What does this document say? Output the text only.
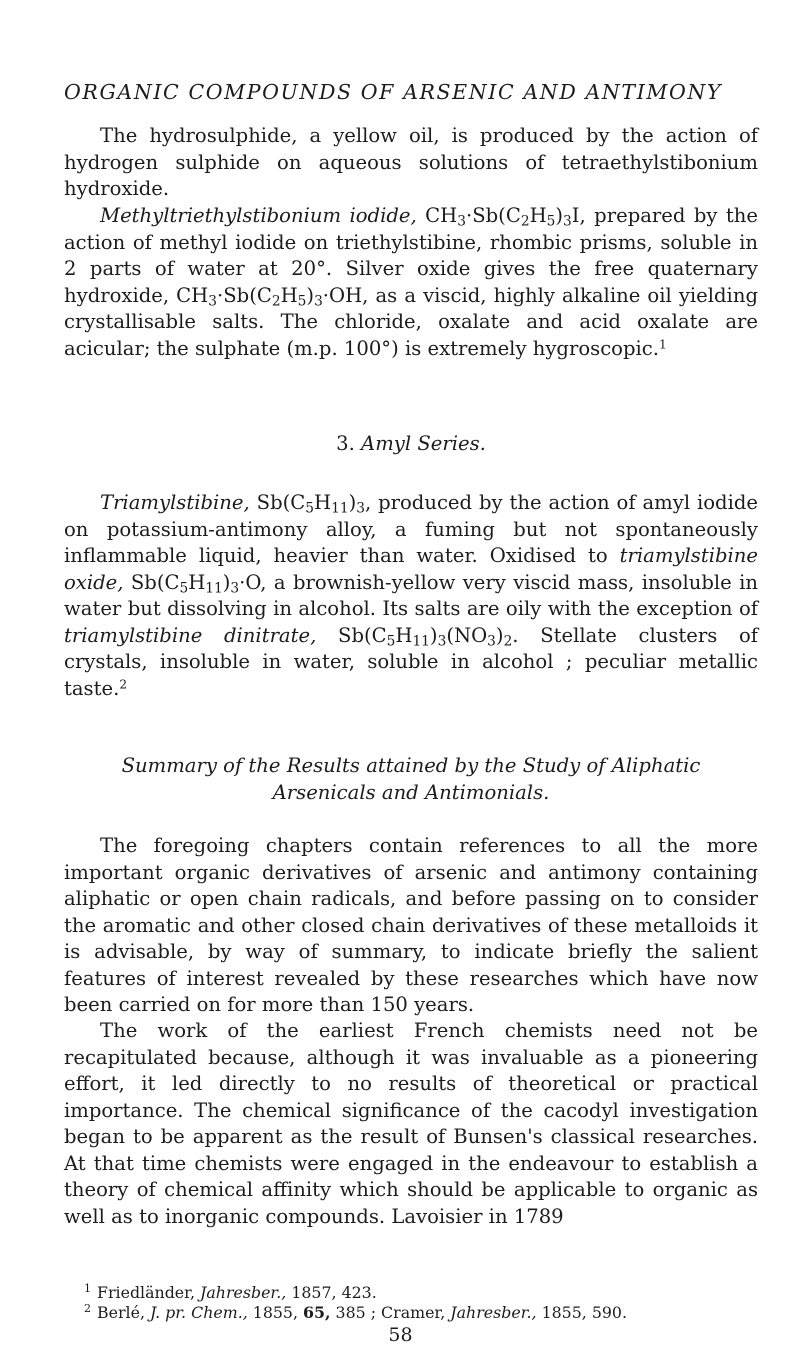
ORGANIC COMPOUNDS OF ARSENIC AND ANTIMONY

The hydrosulphide, a yellow oil, is produced by the action of hydrogen sulphide on aqueous solutions of tetraethylstibonium hydroxide.

Methyltriethylstibonium iodide, $CH_3\cdot Sb(C_2H_5)_3I$, prepared by the action of methyl iodide on triethylstibine, rhombic prisms, soluble in 2 parts of water at 20°. Silver oxide gives the free quaternary hydroxide, $CH_3\cdot Sb(C_2H_5)_3\cdot OH$, as a viscid, highly alkaline oil yielding crystallisable salts. The chloride, oxalate and acid oxalate are acicular; the sulphate (m.p. 100°) is extremely hygroscopic.$^1$

3. Amyl Series.

Triamylstibine, $Sb(C_5H_{11})_3$, produced by the action of amyl iodide on potassium-antimony alloy, a fuming but not spontaneously inflammable liquid, heavier than water. Oxidised to triamylstibine oxide, $Sb(C_5H_{11})_3\cdot O$, a brownish-yellow very viscid mass, insoluble in water but dissolving in alcohol. Its salts are oily with the exception of triamylstibine dinitrate, $Sb(C_5H_{11})_3(NO_3)_2$. Stellate clusters of crystals, insoluble in water, soluble in alcohol ; peculiar metallic taste.$^2$

Summary of the Results attained by the Study of Aliphatic
Arsenicals and Antimonials.

The foregoing chapters contain references to all the more important organic derivatives of arsenic and antimony containing aliphatic or open chain radicals, and before passing on to consider the aromatic and other closed chain derivatives of these metalloids it is advisable, by way of summary, to indicate briefly the salient features of interest revealed by these researches which have now been carried on for more than 150 years.

The work of the earliest French chemists need not be recapitulated because, although it was invaluable as a pioneering effort, it led directly to no results of theoretical or practical importance. The chemical significance of the cacodyl investigation began to be apparent as the result of Bunsen's classical researches. At that time chemists were engaged in the endeavour to establish a theory of chemical affinity which should be applicable to organic as well as to inorganic compounds. Lavoisier in 1789

$^1$ Friedländer, Jahresber., 1857, 423.
$^2$ Berlé, J. pr. Chem., 1855, 65, 385 ; Cramer, Jahresber., 1855, 590.
58
